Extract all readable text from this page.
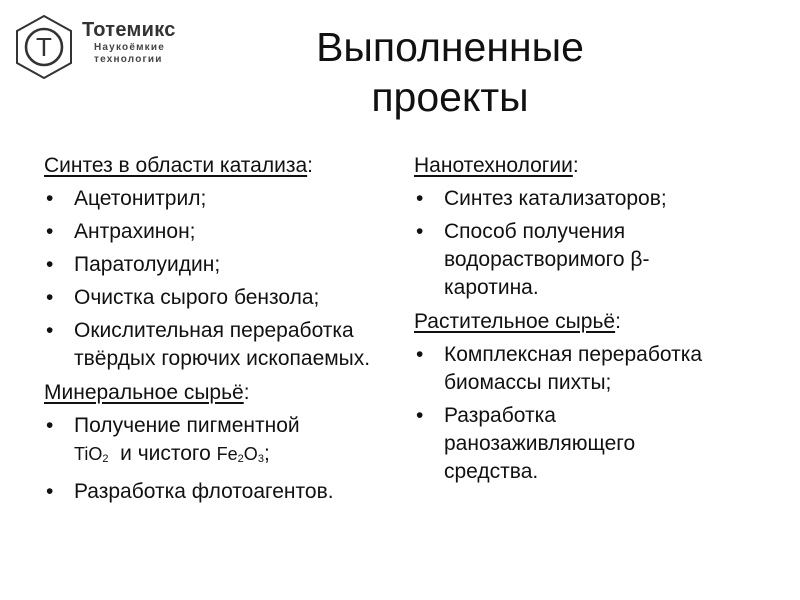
Т
Тотемикс
Наукоёмкие
технологии	Выполненные
проекты
Синтез в области катализа:
• Ацетонитрил;
• Антрахинон;
• Паратолуидин;
• Очистка сырого бензола;
• Окислительная переработка твёрдых горючих ископаемых.
Минеральное сырьё:
• Получение пигментной
TiO$_2$ и чистого $Fe_2O_3$;
• Разработка флотоагентов.
Нанотехнологии:
• Синтез катализаторов;
• Способ получения водорастворимого β-каротина.
Растительное сырьё:
• Комплексная переработка биомассы пихты;
• Разработка ранозаживляющего средства.
